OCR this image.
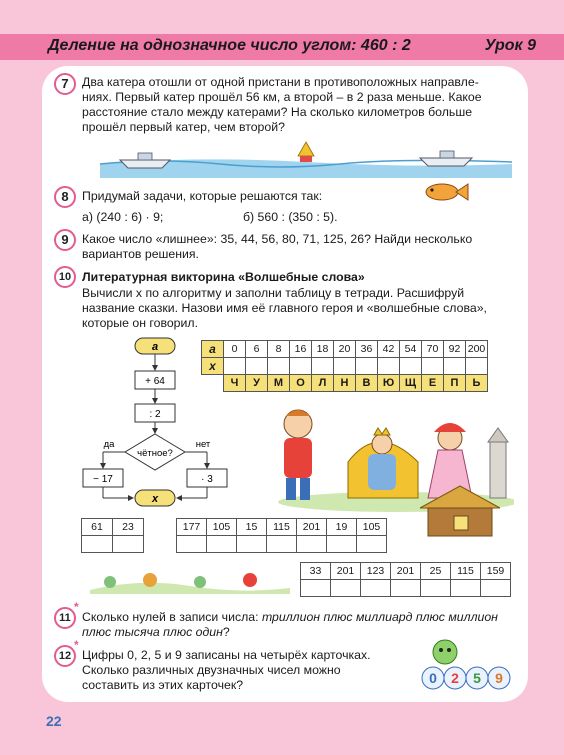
Деление на однозначное число углом: 460 : 2	Урок 9
7	Два катера отошли от одной пристани в противоположных направле-
ниях. Первый катер прошёл 56 км, а второй – в 2 раза меньше. Какое
расстояние стало между катерами? На сколько километров больше
прошёл первый катер, чем второй?
8	Придумай задачи, которые решаются так:
а) (240 : 6) · 9;	б) 560 : (350 : 5).
9	Какое число «лишнее»: 35, 44, 56, 80, 71, 125, 26? Найди несколько
вариантов решения.
10 Литературная викторина «Волшебные слова»
Вычисли x по алгоритму и заполни таблицу в тетради. Расшифруй
название сказки. Назови имя её главного героя и «волшебные слова»,
которые он говорил.
a
+ 64
: 2
чётное?
да	нет
− 17	· 3
x
a	0	6	8	16	18	20	36	42	54	70	92	200
x												
	Ч	У	М	О	Л	Н	В	Ю	Щ	Е	П	Ь
61	23
		177	105	15	115	201	19	105

33	201	123	201	25	115	159

11
*
Сколько нулей в записи числа: триллион плюс миллиард плюс миллион
плюс тысяча плюс один?
12
*
Цифры 0, 2, 5 и 9 записаны на четырёх карточках.
Сколько различных двузначных чисел можно
составить из этих карточек?	0 2 5 9
22
